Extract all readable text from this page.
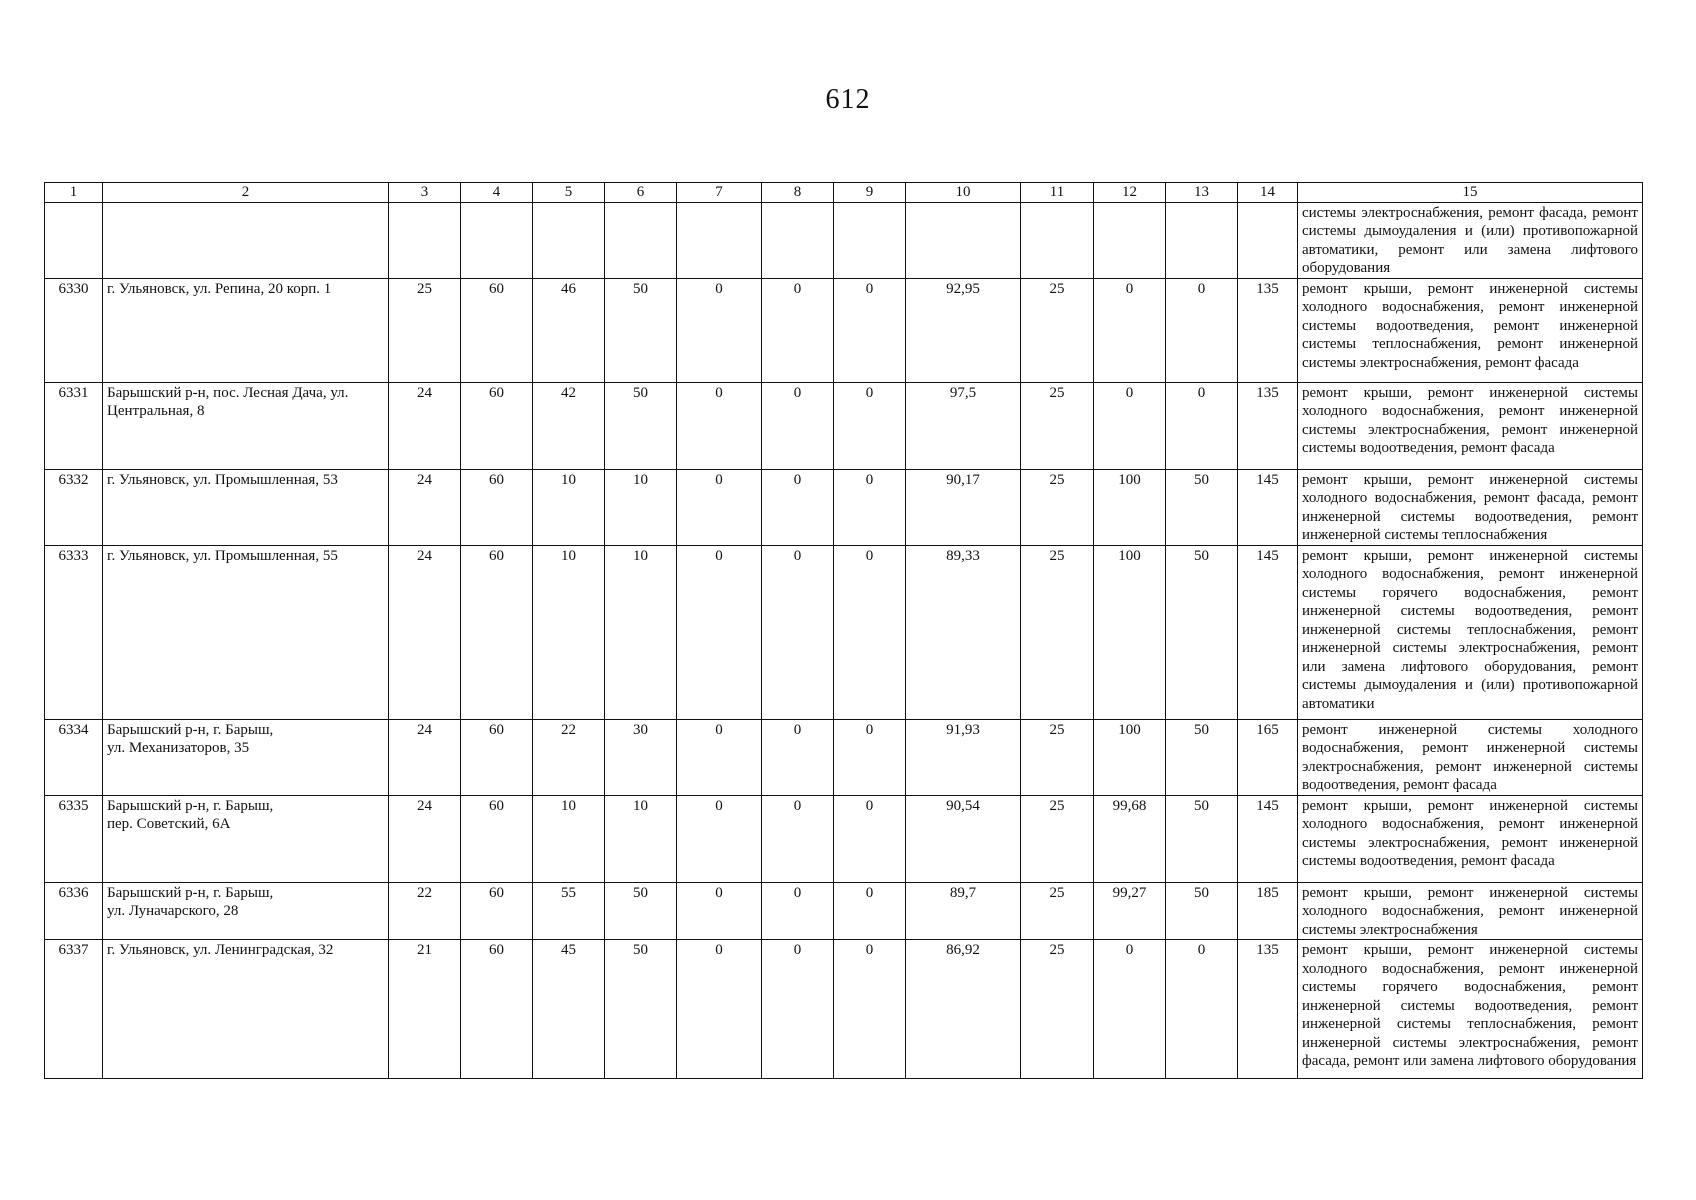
612
1	2	3	4	5	6	7	8	9	10	11	12	13	14	15
														системы электроснабжения, ремонт фасада, ремонт системы дымоудаления и (или) противопожарной автоматики, ремонт или замена лифтового оборудования
6330	г. Ульяновск, ул. Репина, 20 корп. 1	25	60	46	50	0	0	0	92,95	25	0	0	135	ремонт крыши, ремонт инженерной системы холодного водоснабжения, ремонт инженерной системы водоотведения, ремонт инженерной системы теплоснабжения, ремонт инженерной системы электроснабжения, ремонт фасада
6331	Барышский р-н, пос. Лесная Дача, ул. Центральная, 8	24	60	42	50	0	0	0	97,5	25	0	0	135	ремонт крыши, ремонт инженерной системы холодного водоснабжения, ремонт инженерной системы электроснабжения, ремонт инженерной системы водоотведения, ремонт фасада
6332	г. Ульяновск, ул. Промышленная, 53	24	60	10	10	0	0	0	90,17	25	100	50	145	ремонт крыши, ремонт инженерной системы холодного водоснабжения, ремонт фасада, ремонт инженерной системы водоотведения, ремонт инженерной системы теплоснабжения
6333	г. Ульяновск, ул. Промышленная, 55	24	60	10	10	0	0	0	89,33	25	100	50	145	ремонт крыши, ремонт инженерной системы холодного водоснабжения, ремонт инженерной системы горячего водоснабжения, ремонт инженерной системы водоотведения, ремонт инженерной системы теплоснабжения, ремонт инженерной системы электроснабжения, ремонт или замена лифтового оборудования, ремонт системы дымоудаления и (или) противопожарной автоматики
6334	Барышский р-н, г. Барыш,
ул. Механизаторов, 35	24	60	22	30	0	0	0	91,93	25	100	50	165	ремонт инженерной системы холодного водоснабжения, ремонт инженерной системы электроснабжения, ремонт инженерной системы водоотведения, ремонт фасада
6335	Барышский р-н, г. Барыш,
пер. Советский, 6А	24	60	10	10	0	0	0	90,54	25	99,68	50	145	ремонт крыши, ремонт инженерной системы холодного водоснабжения, ремонт инженерной системы электроснабжения, ремонт инженерной системы водоотведения, ремонт фасада
6336	Барышский р-н, г. Барыш,
ул. Луначарского, 28	22	60	55	50	0	0	0	89,7	25	99,27	50	185	ремонт крыши, ремонт инженерной системы холодного водоснабжения, ремонт инженерной системы электроснабжения
6337	г. Ульяновск, ул. Ленинградская, 32	21	60	45	50	0	0	0	86,92	25	0	0	135	ремонт крыши, ремонт инженерной системы холодного водоснабжения, ремонт инженерной системы горячего водоснабжения, ремонт инженерной системы водоотведения, ремонт инженерной системы теплоснабжения, ремонт инженерной системы электроснабжения, ремонт фасада, ремонт или замена лифтового оборудования
